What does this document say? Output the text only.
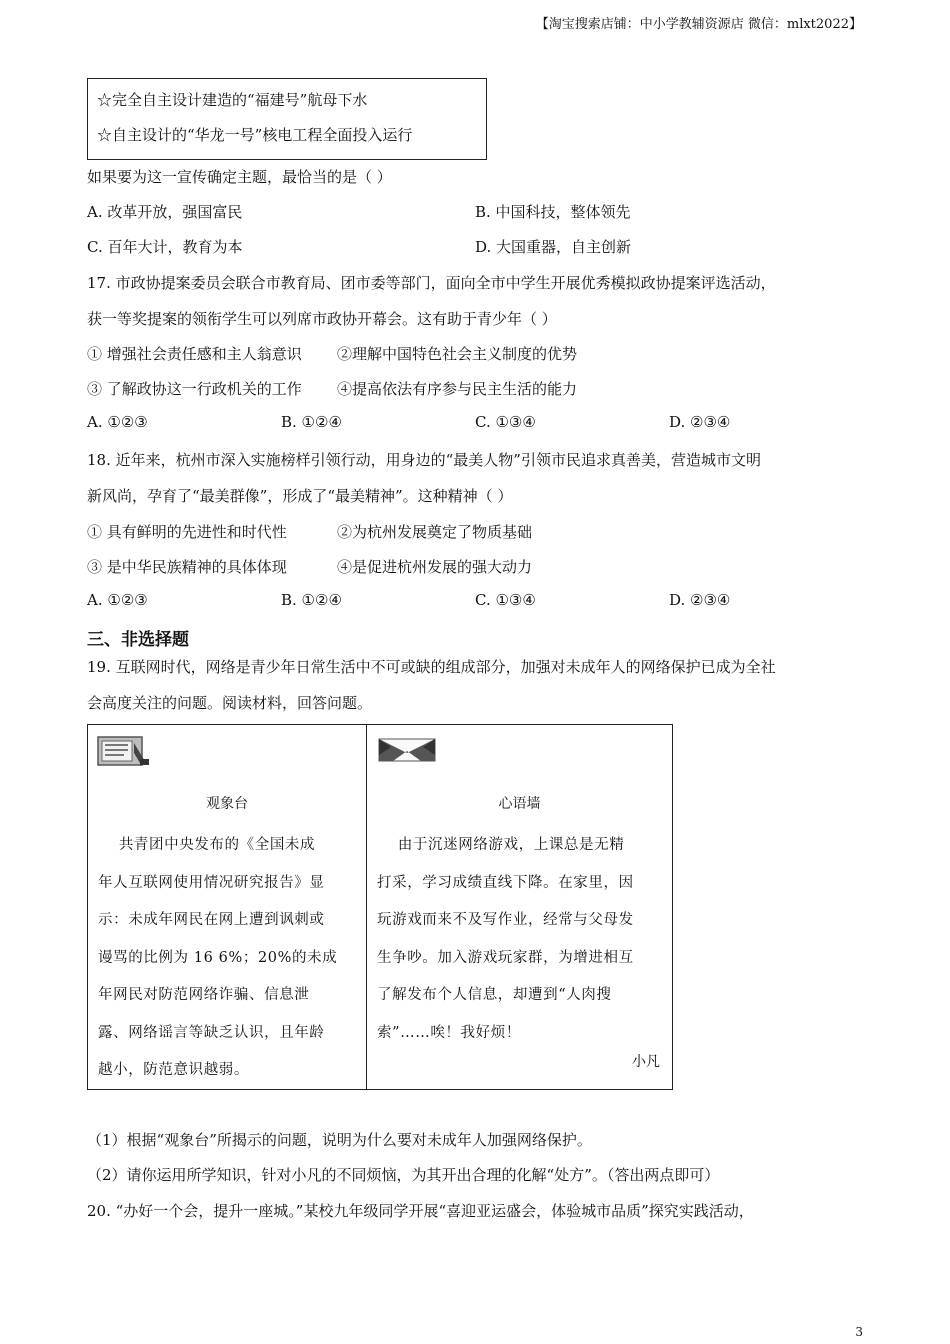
【淘宝搜索店铺：中小学教辅资源店 微信：mlxt2022】
☆完全自主设计建造的“福建号”航母下水
☆自主设计的“华龙一号”核电工程全面投入运行
如果要为这一宣传确定主题，最恰当的是（ ）
A. 改革开放，强国富民	B. 中国科技，整体领先
C. 百年大计，教育为本	D. 大国重器，自主创新
17. 市政协提案委员会联合市教育局、团市委等部门，面向全市中学生开展优秀模拟政协提案评选活动，
获一等奖提案的领衔学生可以列席市政协开幕会。这有助于青少年（ ）
① 增强社会责任感和主人翁意识 ②理解中国特色社会主义制度的优势
③ 了解政协这一行政机关的工作 ④提高依法有序参与民主生活的能力
A. ①②③	B. ①②④	C. ①③④	D. ②③④
18. 近年来，杭州市深入实施榜样引领行动，用身边的“最美人物”引领市民追求真善美，营造城市文明
新风尚，孕育了“最美群像”，形成了“最美精神”。这种精神（ ）
① 具有鲜明的先进性和时代性	②为杭州发展奠定了物质基础
③ 是中华民族精神的具体体现	④是促进杭州发展的强大动力
A. ①②③	B. ①②④	C. ①③④	D. ②③④
三、非选择题
19. 互联网时代，网络是青少年日常生活中不可或缺的组成部分，加强对未成年人的网络保护已成为全社
会高度关注的问题。阅读材料，回答问题。
观象台
共青团中央发布的《全国未成
年人互联网使用情况研究报告》显
示：未成年网民在网上遭到讽刺或
谩骂的比例为 16 6%；20%的未成
年网民对防范网络诈骗、信息泄
露、网络谣言等缺乏认识，且年龄
越小，防范意识越弱。
心语墙
由于沉迷网络游戏，上课总是无精
打采，学习成绩直线下降。在家里，因
玩游戏而来不及写作业，经常与父母发
生争吵。加入游戏玩家群，为增进相互
了解发布个人信息，却遭到“人肉搜
索”……唉！我好烦！
小凡
（1）根据“观象台”所揭示的问题，说明为什么要对未成年人加强网络保护。
（2）请你运用所学知识，针对小凡的不同烦恼，为其开出合理的化解“处方”。（答出两点即可）
20. “办好一个会，提升一座城。”某校九年级同学开展“喜迎亚运盛会，体验城市品质”探究实践活动，
3
